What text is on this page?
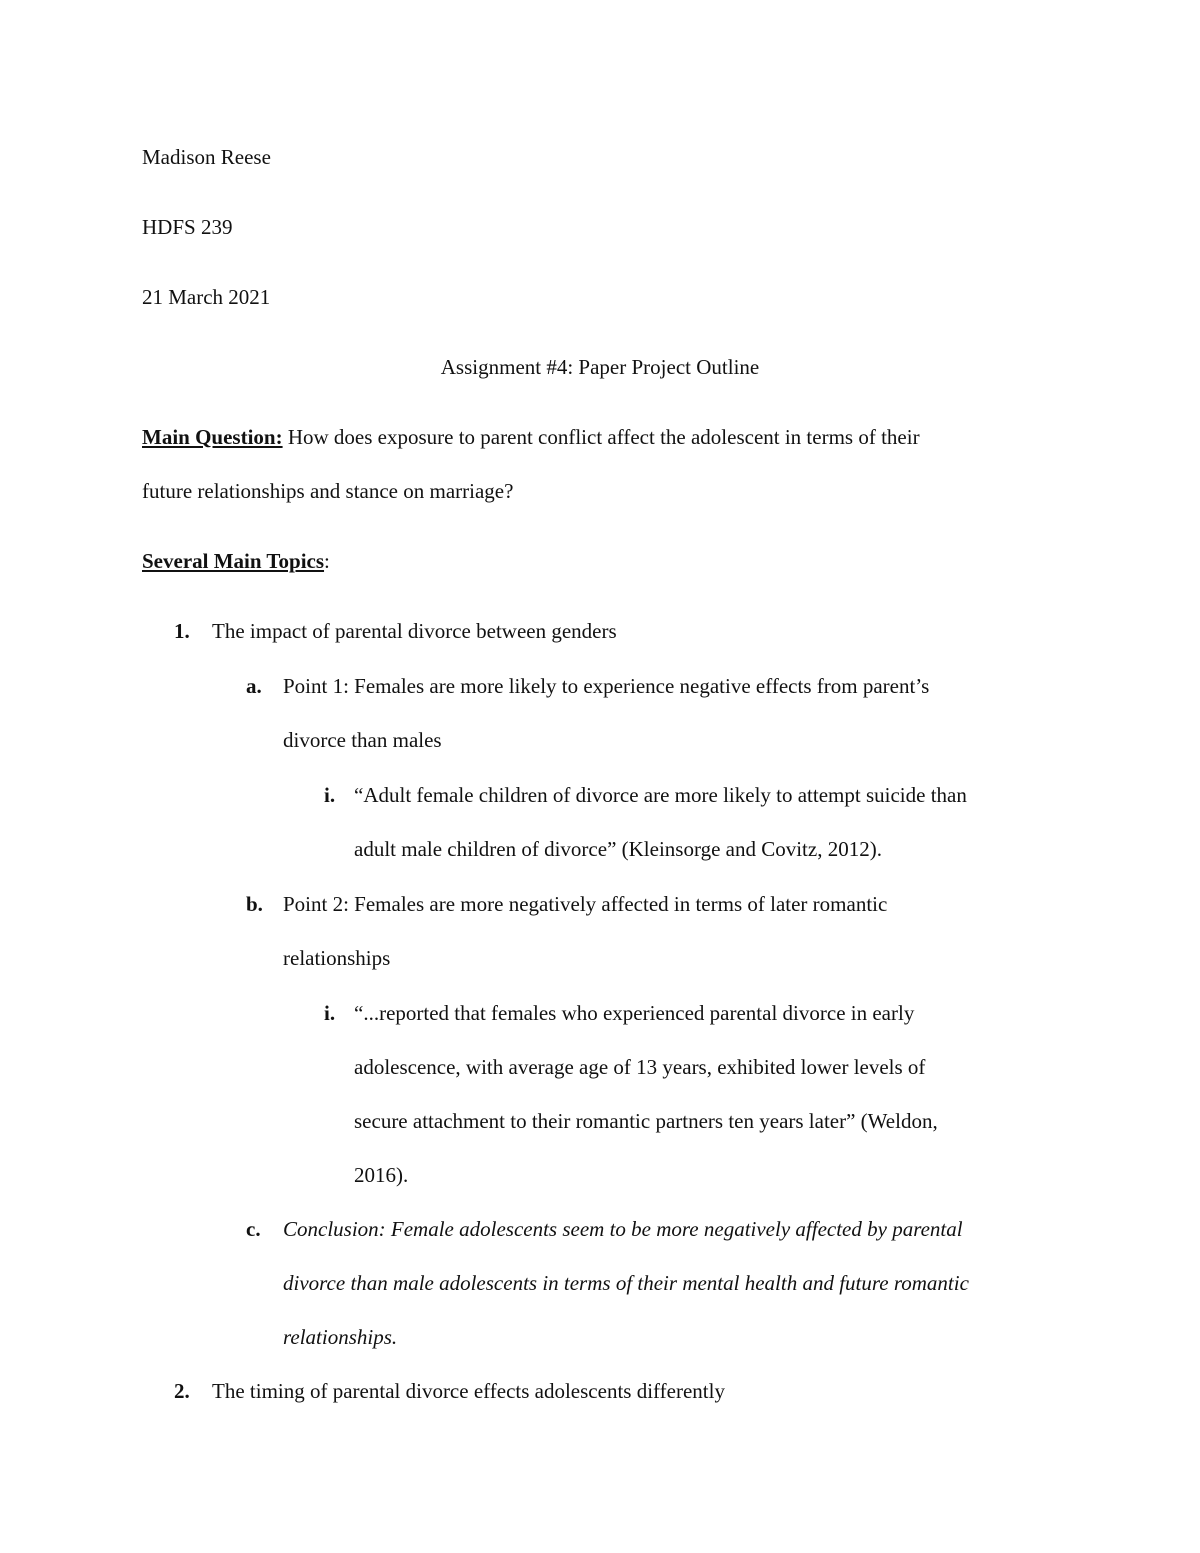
Madison Reese
HDFS 239
21 March 2021
Assignment #4: Paper Project Outline
Main Question: How does exposure to parent conflict affect the adolescent in terms of their
future relationships and stance on marriage?
Several Main Topics:
1. The impact of parental divorce between genders
a. Point 1: Females are more likely to experience negative effects from parent’s
divorce than males
i. “Adult female children of divorce are more likely to attempt suicide than
adult male children of divorce” (Kleinsorge and Covitz, 2012).
b. Point 2: Females are more negatively affected in terms of later romantic
relationships
i. “...reported that females who experienced parental divorce in early
adolescence, with average age of 13 years, exhibited lower levels of
secure attachment to their romantic partners ten years later” (Weldon,
2016).
c. Conclusion: Female adolescents seem to be more negatively affected by parental
divorce than male adolescents in terms of their mental health and future romantic
relationships.
2. The timing of parental divorce effects adolescents differently
